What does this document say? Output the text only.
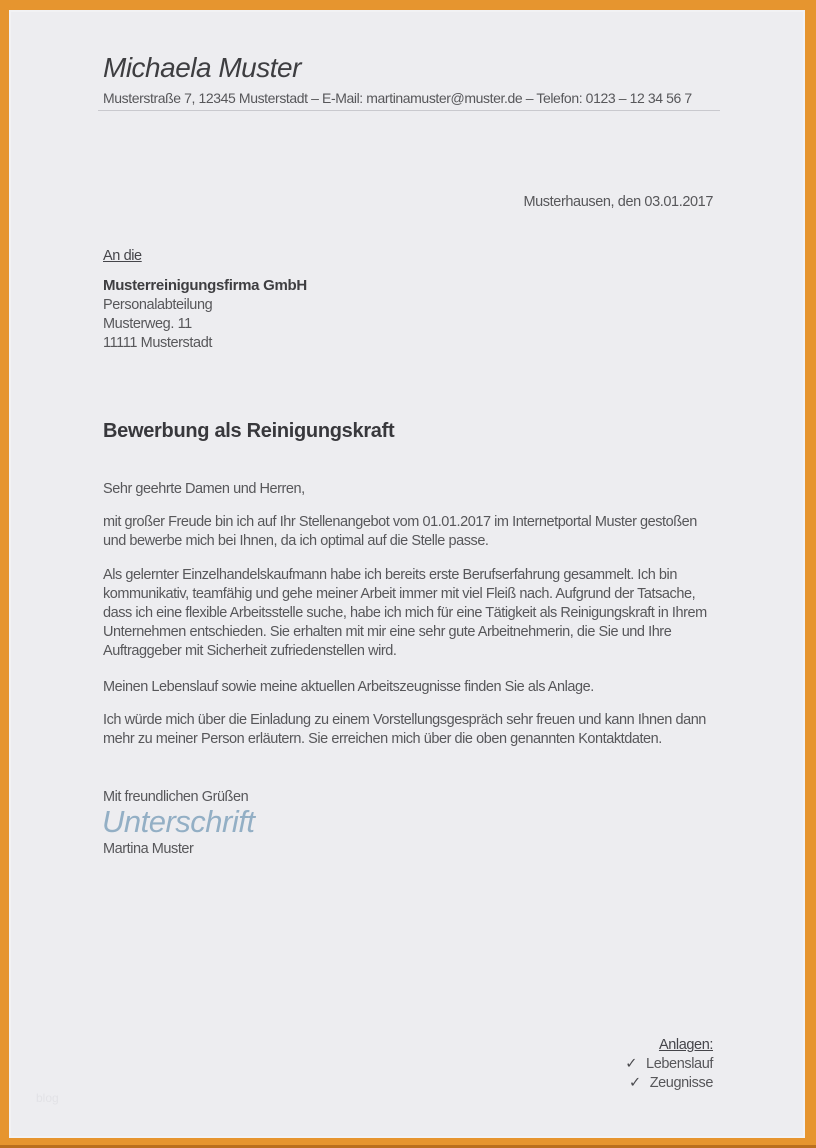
Michaela Muster
Musterstraße 7, 12345 Musterstadt – E-Mail: martinamuster@muster.de – Telefon: 0123 – 12 34 56 7
Musterhausen, den 03.01.2017
An die
Musterreinigungsfirma GmbH
Personalabteilung
Musterweg. 11
11111 Musterstadt
Bewerbung als Reinigungskraft
Sehr geehrte Damen und Herren,

mit großer Freude bin ich auf Ihr Stellenangebot vom 01.01.2017 im Internetportal Muster gestoßen und bewerbe mich bei Ihnen, da ich optimal auf die Stelle passe.

Als gelernter Einzelhandelskaufmann habe ich bereits erste Berufserfahrung gesammelt. Ich bin kommunikativ, teamfähig und gehe meiner Arbeit immer mit viel Fleiß nach. Aufgrund der Tatsache, dass ich eine flexible Arbeitsstelle suche, habe ich mich für eine Tätigkeit als Reinigungskraft in Ihrem Unternehmen entschieden. Sie erhalten mit mir eine sehr gute Arbeitnehmerin, die Sie und Ihre Auftraggeber mit Sicherheit zufriedenstellen wird.

Meinen Lebenslauf sowie meine aktuellen Arbeitszeugnisse finden Sie als Anlage.

Ich würde mich über die Einladung zu einem Vorstellungsgespräch sehr freuen und kann Ihnen dann mehr zu meiner Person erläutern. Sie erreichen mich über die oben genannten Kontaktdaten.

Mit freundlichen Grüßen
Unterschrift
Martina Muster
Anlagen:
✓ Lebenslauf
✓ Zeugnisse
blog
